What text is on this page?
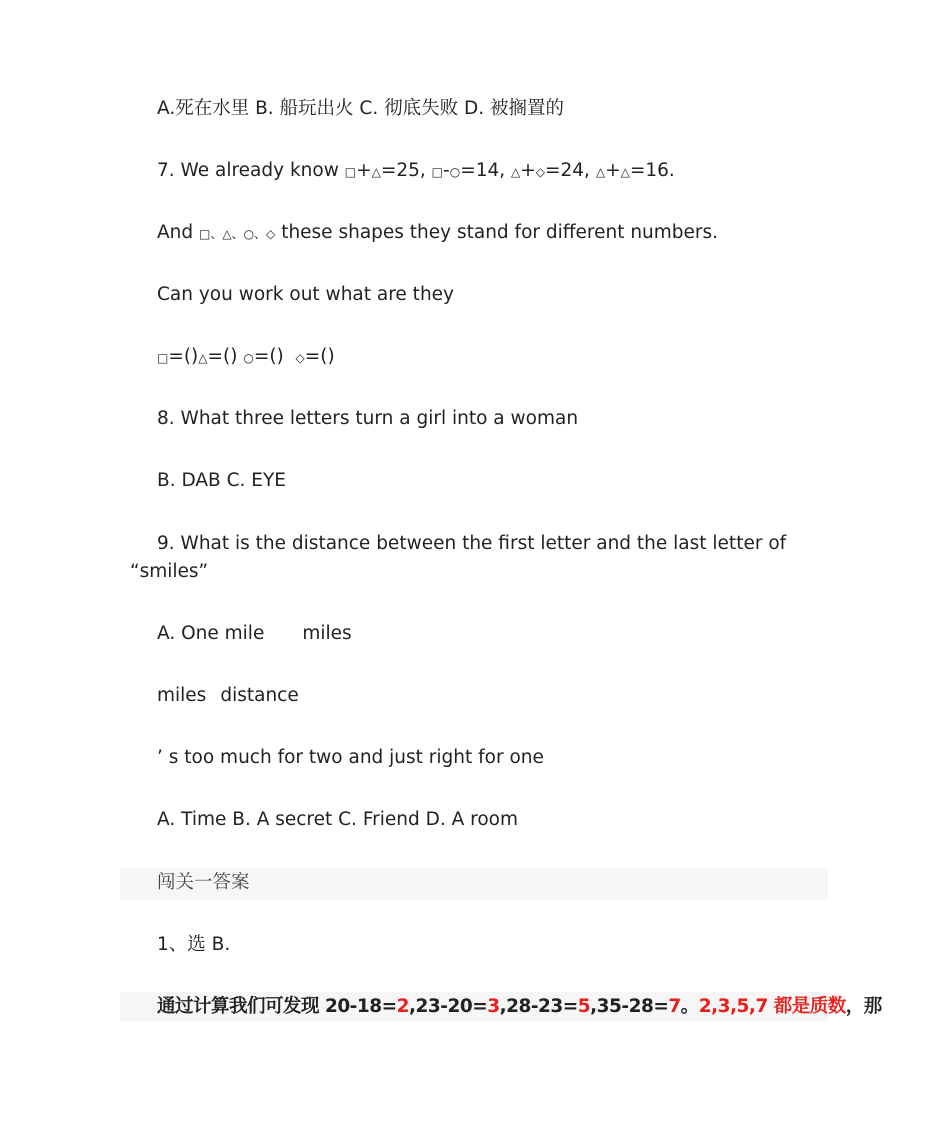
A.死在水里 B. 船玩出火 C. 彻底失败 D. 被搁置的
7. We already know □+△=25, □-○=14, △+◇=24, △+△=16.
And □、△、○、◇ these shapes they stand for different numbers.
Can you work out what are they
□=()△=() ○=() ◇=()
8. What three letters turn a girl into a woman
B. DAB C. EYE
9. What is the distance between the first letter and the last letter of
“smiles”
A. One mile miles
miles distance
’ s too much for two and just right for one
A. Time B. A secret C. Friend D. A room
闯关一答案
1、选 B.
通过计算我们可发现 20-18=2,23-20=3,28-23=5,35-28=7。2,3,5,7 都是质数，那
